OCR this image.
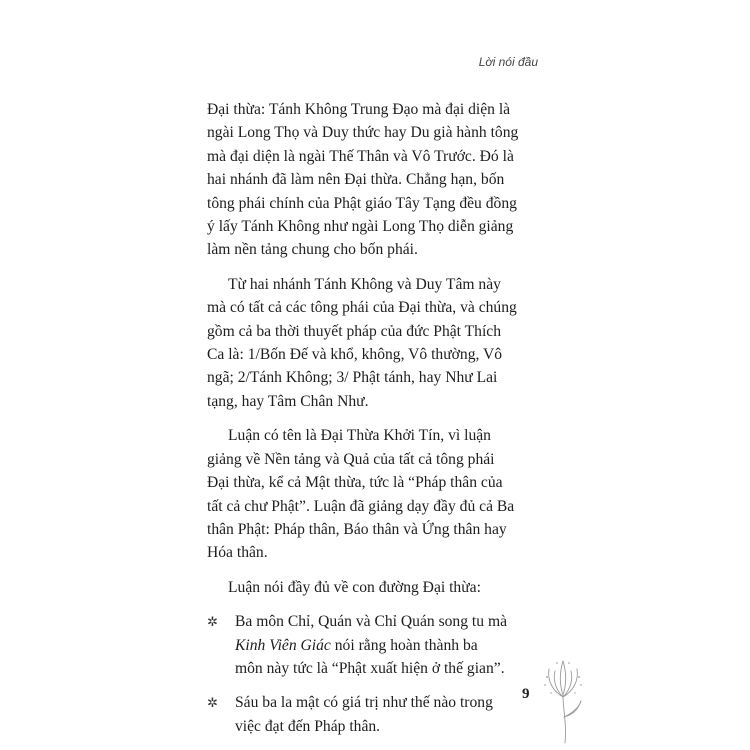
Lời nói đầu

Đại thừa: Tánh Không Trung Đạo mà đại diện là
ngài Long Thọ và Duy thức hay Du già hành tông
mà đại diện là ngài Thế Thân và Vô Trước. Đó là
hai nhánh đã làm nên Đại thừa. Chẳng hạn, bốn
tông phái chính của Phật giáo Tây Tạng đều đồng
ý lấy Tánh Không như ngài Long Thọ diễn giảng
làm nền tảng chung cho bốn phái.

Từ hai nhánh Tánh Không và Duy Tâm này
mà có tất cả các tông phái của Đại thừa, và chúng
gồm cả ba thời thuyết pháp của đức Phật Thích
Ca là: 1/Bốn Đế và khổ, không, Vô thường, Vô
ngã; 2/Tánh Không; 3/ Phật tánh, hay Như Lai
tạng, hay Tâm Chân Như.

Luận có tên là Đại Thừa Khởi Tín, vì luận
giảng về Nền tảng và Quả của tất cả tông phái
Đại thừa, kể cả Mật thừa, tức là “Pháp thân của
tất cả chư Phật”. Luận đã giảng dạy đầy đủ cả Ba
thân Phật: Pháp thân, Báo thân và Ứng thân hay
Hóa thân.

Luận nói đầy đủ về con đường Đại thừa:

✲ Ba môn Chỉ, Quán và Chỉ Quán song tu mà
Kinh Viên Giác nói rằng hoàn thành ba
môn này tức là “Phật xuất hiện ở thế gian”.
✲ Sáu ba la mật có giá trị như thế nào trong
việc đạt đến Pháp thân.
9
